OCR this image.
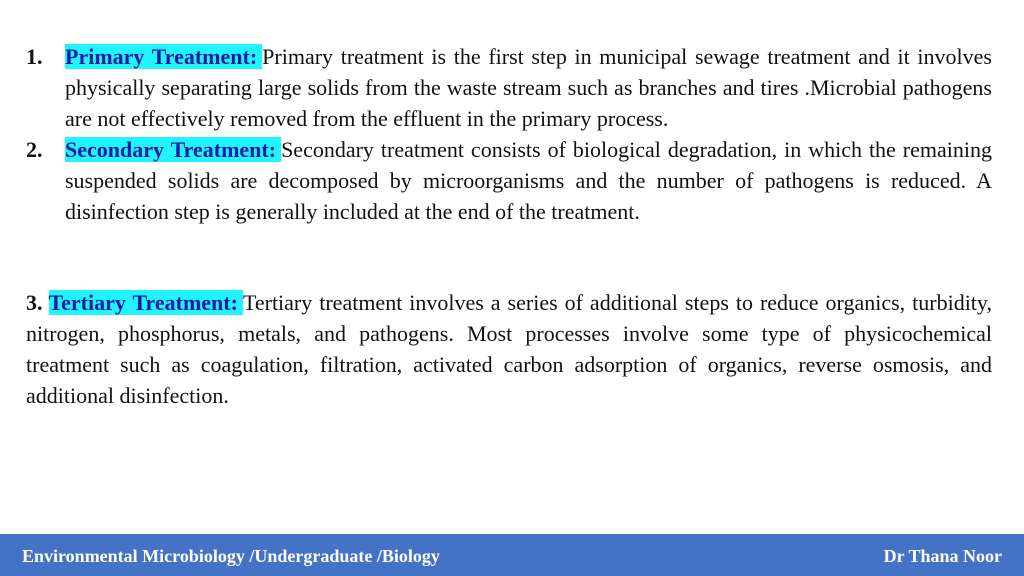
1. Primary Treatment: Primary treatment is the first step in municipal sewage treatment and it involves physically separating large solids from the waste stream such as branches and tires .Microbial pathogens are not effectively removed from the effluent in the primary process.

2. Secondary Treatment: Secondary treatment consists of biological degradation, in which the remaining suspended solids are decomposed by microorganisms and the number of pathogens is reduced. A disinfection step is generally included at the end of the treatment.

3. Tertiary Treatment: Tertiary treatment involves a series of additional steps to reduce organics, turbidity, nitrogen, phosphorus, metals, and pathogens. Most processes involve some type of physicochemical treatment such as coagulation, filtration, activated carbon adsorption of organics, reverse osmosis, and additional disinfection.

Environmental Microbiology /Undergraduate /Biology	Dr Thana Noor
